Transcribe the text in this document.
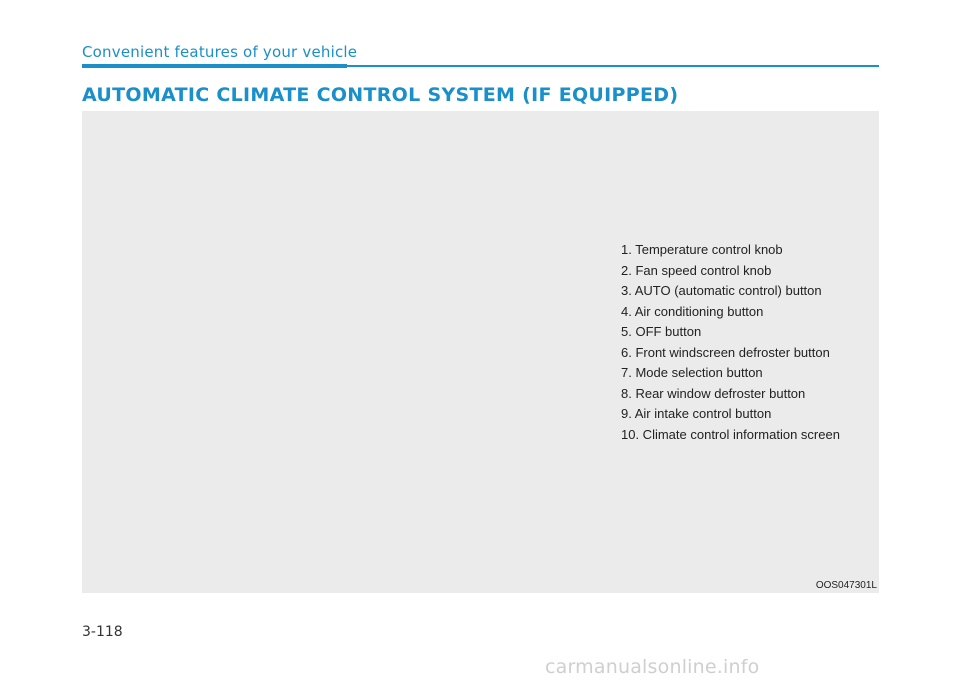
Convenient features of your vehicle
AUTOMATIC CLIMATE CONTROL SYSTEM (IF EQUIPPED)
1. Temperature control knob
2. Fan speed control knob
3. AUTO (automatic control) button
4. Air conditioning button
5. OFF button
6. Front windscreen defroster button
7. Mode selection button
8. Rear window defroster button
9. Air intake control button
10. Climate control information screen
OOS047301L
3-118
carmanualsonline.info
